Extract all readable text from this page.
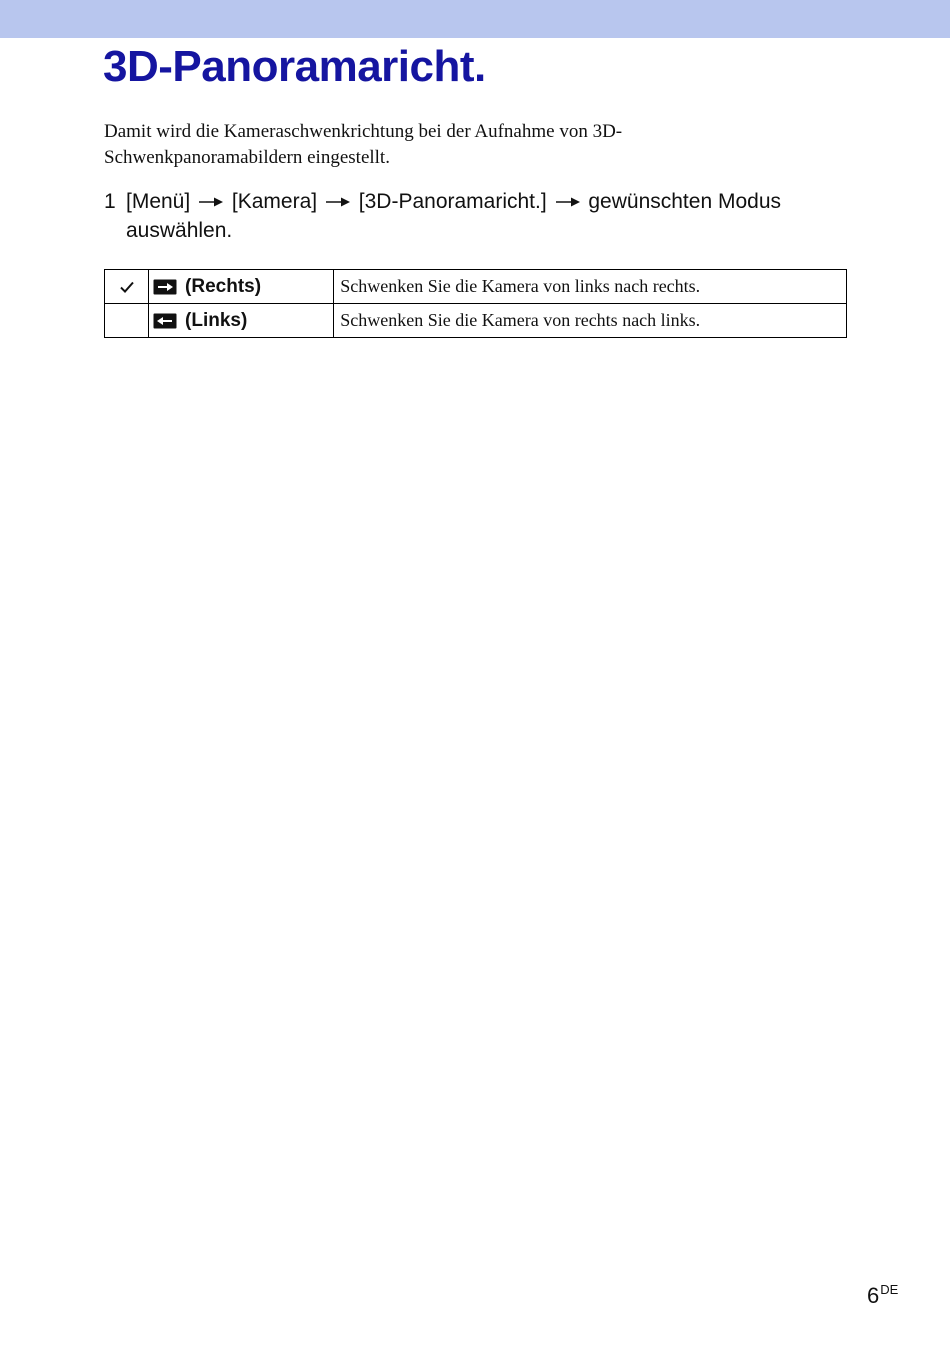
3D-Panoramaricht.

Damit wird die Kameraschwenkrichtung bei der Aufnahme von 3D-Schwenkpanoramabildern eingestellt.

1 [Menü] [Kamera] [3D-Panoramaricht.] gewünschten Modus auswählen.

(Rechts)	Schwenken Sie die Kamera von links nach rechts.

(Links)	Schwenken Sie die Kamera von rechts nach links.
6DE
